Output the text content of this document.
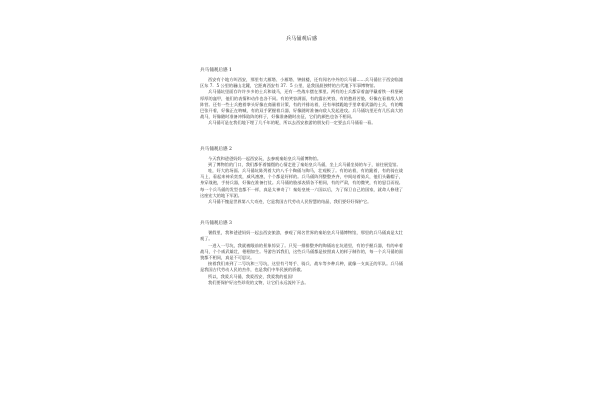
兵马俑观后感
兵马俑观后感 1

西安有个地方叫西安，那里有大雁塔、小雁塔、钟鼓楼，还有闻名中外的兵马俑……兵马俑位于西安临潼区东 7．5 公里的骊山北麓，它距离西安有 37．5 公里，是我国最独特的古代地下军事博物馆。

兵马俑坑里面存许许多多的士兵和战马，还有一些战车摆在那里。两有的士兵都穿着盔甲戴着铁一样坚硬厚厚的盔甲，他们的表情和动作也各不同。有的笑容满面，有的露出笑容，有的愁眉苦脸，好像在看着敌人的阵营。还有一些士兵抱着拳头好像在商量着计策，有的并排站着，还有单膝跪地手里拿着武器的士兵，有的嘴巴张开着，好像正在呐喊，有的双手紧握着兵器，好像随时准备向敌人发起进攻。兵马俑坑里还有几匹高大的战马，好像随时准备冲锋陷阵的样子，好像准备随时出征，它们的颜色也各不相同。

兵马俑可是在我们地下埋了几千年的呢，所以去西安旅游的朋友们一定要去兵马俑看一看。

兵马俑观后感 2

今天我和爸爸妈妈一起西安玩，去参观秦始皇兵马俑博物馆。

到了博物馆的门口，我们都怀着憧憬的心情走进了秦始皇兵马俑，坐上兵马俑坐骑的车子，前往展览馆。

哇，好大的场面。兵马俑坑陈列着大约八千个陶俑与陶马，壮观极了。有的站着，有的跪着，有的骑在战马上，看起来神采奕奕，威风凛凛，个个都是好样的。兵马俑阵列整整齐齐，中间站着骑兵，他们头戴帽子，身穿战袍，手持兵器，好像在准备打仗。兵马俑的脸部表情各不相同，有的严肃，有的微笑，有的怒目而视。每一个兵马俑的发型也都不一样，真是太神奇了！秦始皇统一六国以后，为了保卫自己的国家，就命人修建了这座宏大的地下军团。

兵马俑不愧是世界第八大奇迹，它是我国古代劳动人民智慧的结晶，我们要好好保护它。

兵马俑观后感 3

暑假里，我和爸爸妈妈一起去西安旅游，参观了闻名世界的秦始皇兵马俑博物馆，那里的兵马俑真是太壮观了。

一进入一号坑，我就被眼前的景象惊呆了。只见一排排整齐的陶俑站在坑道里，有的手握兵器，有的牵着战马，个个威武雄壮，栩栩如生。导游告诉我们，这些兵马俑都是按照真人的样子制作的，每一个兵马俑的面貌都不相同，真是不可思议。

接着我们来到了二号坑和三号坑，这里有弓弩手、骑兵、战车等多种兵种，就像一支真正的军队。兵马俑是我国古代劳动人民的杰作，也是我们中华民族的骄傲。

所以，我爱兵马俑，我爱西安，我爱我的祖国！

我们要保护好这些珍贵的文物，让它们永远流传下去。
